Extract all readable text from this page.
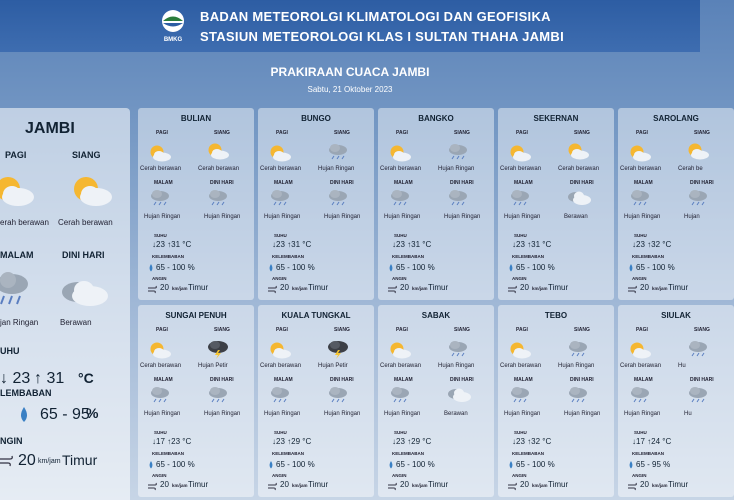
BMKG
BADAN METEOROLGI KLIMATOLOGI DAN GEOFISIKA
STASIUN METEOROLOGI KLAS I SULTAN THAHA JAMBI
PRAKIRAAN CUACA JAMBI
Sabtu, 21 Oktober 2023
JAMBI
PAGI	SIANG
erah berawan Cerah berawan
MALAM	DINI HARI
jan Ringan	Berawan
UHU
↓ 23 ↑ 31 °C
LEMBABAN
65 - 95
%
NGIN
20 km/jam Timur
BULIAN
PAGI	SIANG
Cerah berawan	Cerah berawan
MALAM	DINI HARI
Hujan Ringan	Hujan Ringan
SUHU
↓23 ↑31 °C
KELEMBABAN
65 - 100 %
ANGIN
20 km/jam Timur
BUNGO
PAGI	SIANG
Cerah berawan	Hujan Ringan
MALAM	DINI HARI
Hujan Ringan	Hujan Ringan
SUHU
↓23 ↑31 °C
KELEMBABAN
65 - 100 %
ANGIN
20 km/jam Timur
BANGKO
PAGI	SIANG
Cerah berawan	Hujan Ringan
MALAM	DINI HARI
Hujan Ringan	Hujan Ringan
SUHU
↓23 ↑31 °C
KELEMBABAN
65 - 100 %
ANGIN
20 km/jam Timur
SEKERNAN
PAGI	SIANG
Cerah berawan	Cerah berawan
MALAM	DINI HARI
Hujan Ringan	Berawan
SUHU
↓23 ↑31 °C
KELEMBABAN
65 - 100 %
ANGIN
20 km/jam Timur
SAROLANG
PAGI	SIANG
Cerah berawan	Cerah be
MALAM	DINI HARI
Hujan Ringan	Hujan
SUHU
↓23 ↑32 °C
KELEMBABAN
65 - 100 %
ANGIN
20 km/jam Timur
SUNGAI PENUH
PAGI	SIANG
Cerah berawan	Hujan Petir
MALAM	DINI HARI
Hujan Ringan	Hujan Ringan
SUHU
↓17 ↑23 °C
KELEMBABAN
65 - 100 %
ANGIN
20 km/jam Timur
KUALA TUNGKAL
PAGI	SIANG
Cerah berawan	Hujan Petir
MALAM	DINI HARI
Hujan Ringan	Hujan Ringan
SUHU
↓23 ↑29 °C
KELEMBABAN
65 - 100 %
ANGIN
20 km/jam Timur
SABAK
PAGI	SIANG
Cerah berawan	Hujan Ringan
MALAM	DINI HARI
Hujan Ringan	Berawan
SUHU
↓23 ↑29 °C
KELEMBABAN
65 - 100 %
ANGIN
20 km/jam Timur
TEBO
PAGI	SIANG
Cerah berawan	Hujan Ringan
MALAM	DINI HARI
Hujan Ringan	Hujan Ringan
SUHU
↓23 ↑32 °C
KELEMBABAN
65 - 100 %
ANGIN
20 km/jam Timur
SIULAK
PAGI	SIANG
Cerah berawan	Hu
MALAM	DINI HARI
Hujan Ringan	Hu
SUHU
↓17 ↑24 °C
KELEMBABAN
65 - 95 %
ANGIN
20 km/jam Timur
